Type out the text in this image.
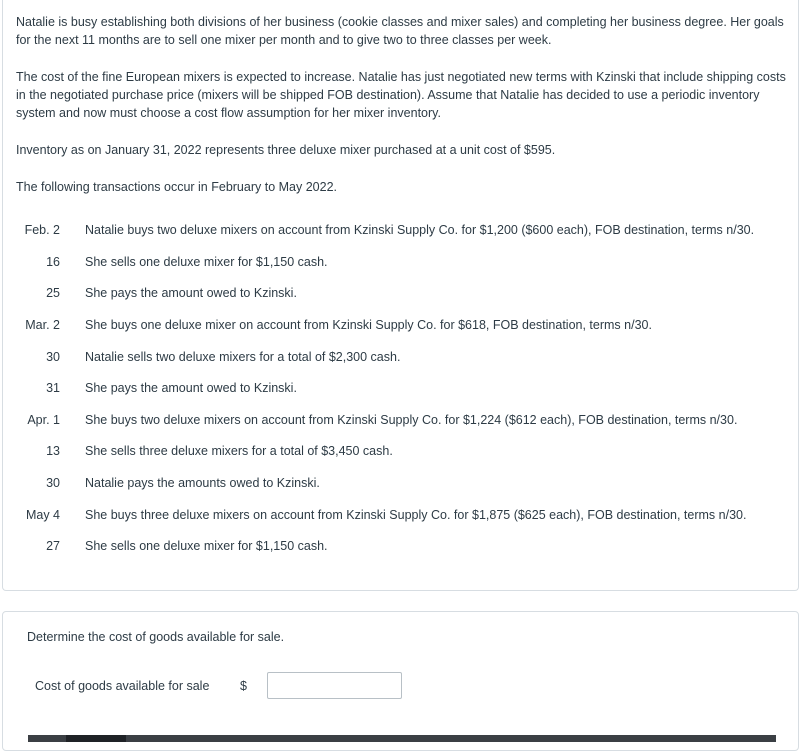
Natalie is busy establishing both divisions of her business (cookie classes and mixer sales) and completing her business degree. Her goals for the next 11 months are to sell one mixer per month and to give two to three classes per week.

The cost of the fine European mixers is expected to increase. Natalie has just negotiated new terms with Kzinski that include shipping costs in the negotiated purchase price (mixers will be shipped FOB destination). Assume that Natalie has decided to use a periodic inventory system and now must choose a cost flow assumption for her mixer inventory.

Inventory as on January 31, 2022 represents three deluxe mixer purchased at a unit cost of $595.

The following transactions occur in February to May 2022.

Feb. 2 Natalie buys two deluxe mixers on account from Kzinski Supply Co. for $1,200 ($600 each), FOB destination, terms n/30.
16 She sells one deluxe mixer for $1,150 cash.
25 She pays the amount owed to Kzinski.
Mar. 2 She buys one deluxe mixer on account from Kzinski Supply Co. for $618, FOB destination, terms n/30.
30 Natalie sells two deluxe mixers for a total of $2,300 cash.
31 She pays the amount owed to Kzinski.
Apr. 1 She buys two deluxe mixers on account from Kzinski Supply Co. for $1,224 ($612 each), FOB destination, terms n/30.
13 She sells three deluxe mixers for a total of $3,450 cash.
30 Natalie pays the amounts owed to Kzinski.
May 4 She buys three deluxe mixers on account from Kzinski Supply Co. for $1,875 ($625 each), FOB destination, terms n/30.
27 She sells one deluxe mixer for $1,150 cash.
Determine the cost of goods available for sale.
Cost of goods available for sale $
